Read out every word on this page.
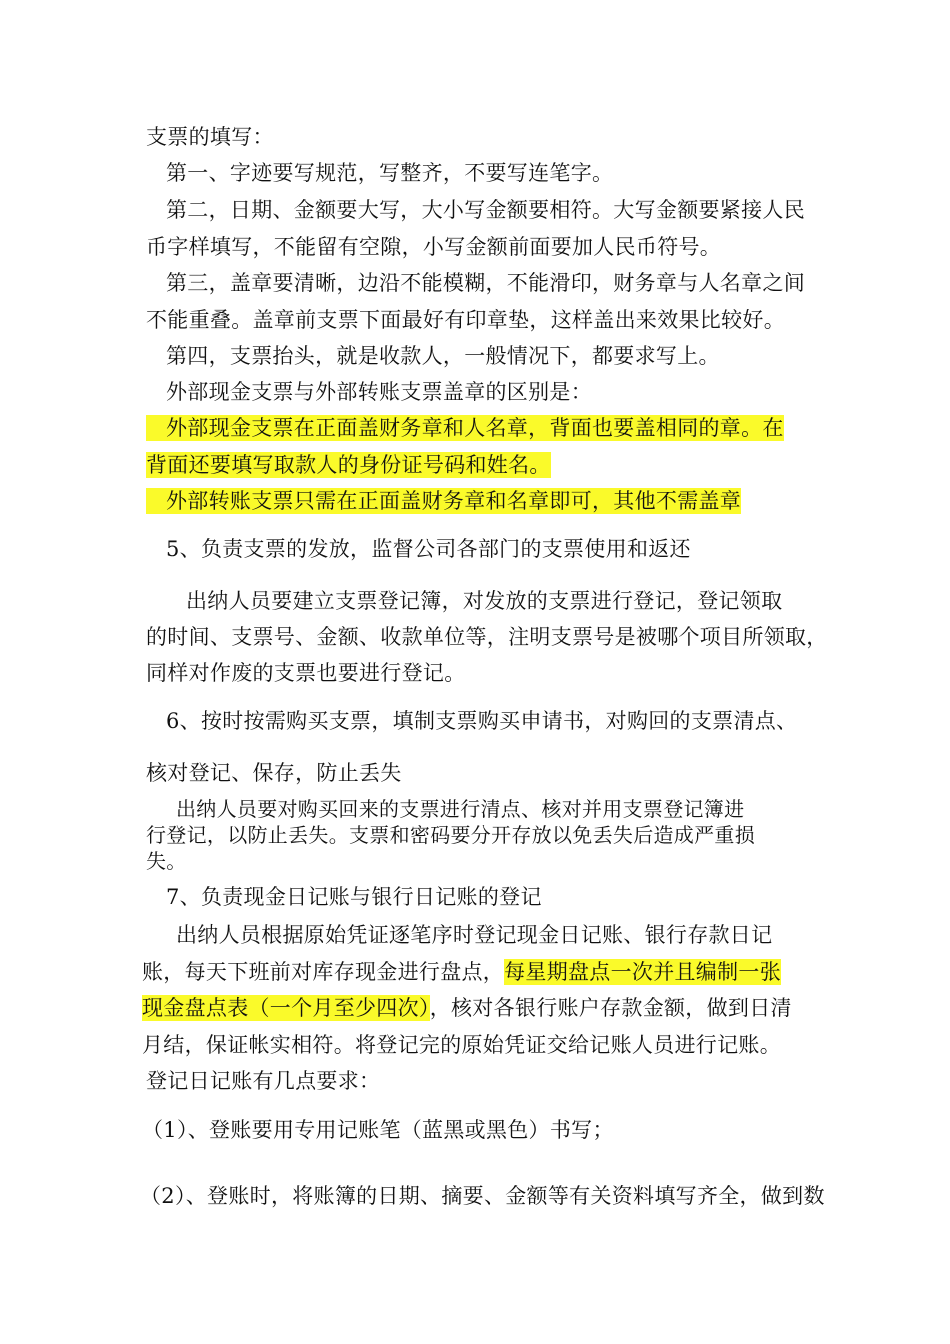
支票的填写：
第一、字迹要写规范，写整齐，不要写连笔字。
第二，日期、金额要大写，大小写金额要相符。大写金额要紧接人民
币字样填写，不能留有空隙，小写金额前面要加人民币符号。
第三，盖章要清晰，边沿不能模糊，不能滑印，财务章与人名章之间
不能重叠。盖章前支票下面最好有印章垫，这样盖出来效果比较好。
第四，支票抬头，就是收款人，一般情况下，都要求写上。
外部现金支票与外部转账支票盖章的区别是：
外部现金支票在正面盖财务章和人名章，背面也要盖相同的章。在
背面还要填写取款人的身份证号码和姓名。
外部转账支票只需在正面盖财务章和名章即可，其他不需盖章
5、负责支票的发放，监督公司各部门的支票使用和返还
出纳人员要建立支票登记簿，对发放的支票进行登记，登记领取
的时间、支票号、金额、收款单位等，注明支票号是被哪个项目所领取，
同样对作废的支票也要进行登记。
6、按时按需购买支票，填制支票购买申请书，对购回的支票清点、
核对登记、保存，防止丢失
出纳人员要对购买回来的支票进行清点、核对并用支票登记簿进
行登记，以防止丢失。支票和密码要分开存放以免丢失后造成严重损
失。
7、负责现金日记账与银行日记账的登记
出纳人员根据原始凭证逐笔序时登记现金日记账、银行存款日记
账，每天下班前对库存现金进行盘点，每星期盘点一次并且编制一张
现金盘点表（一个月至少四次），核对各银行账户存款金额，做到日清
月结，保证帐实相符。将登记完的原始凭证交给记账人员进行记账。
登记日记账有几点要求：
（1）、登账要用专用记账笔（蓝黑或黑色）书写；
（2）、登账时，将账簿的日期、摘要、金额等有关资料填写齐全，做到数
